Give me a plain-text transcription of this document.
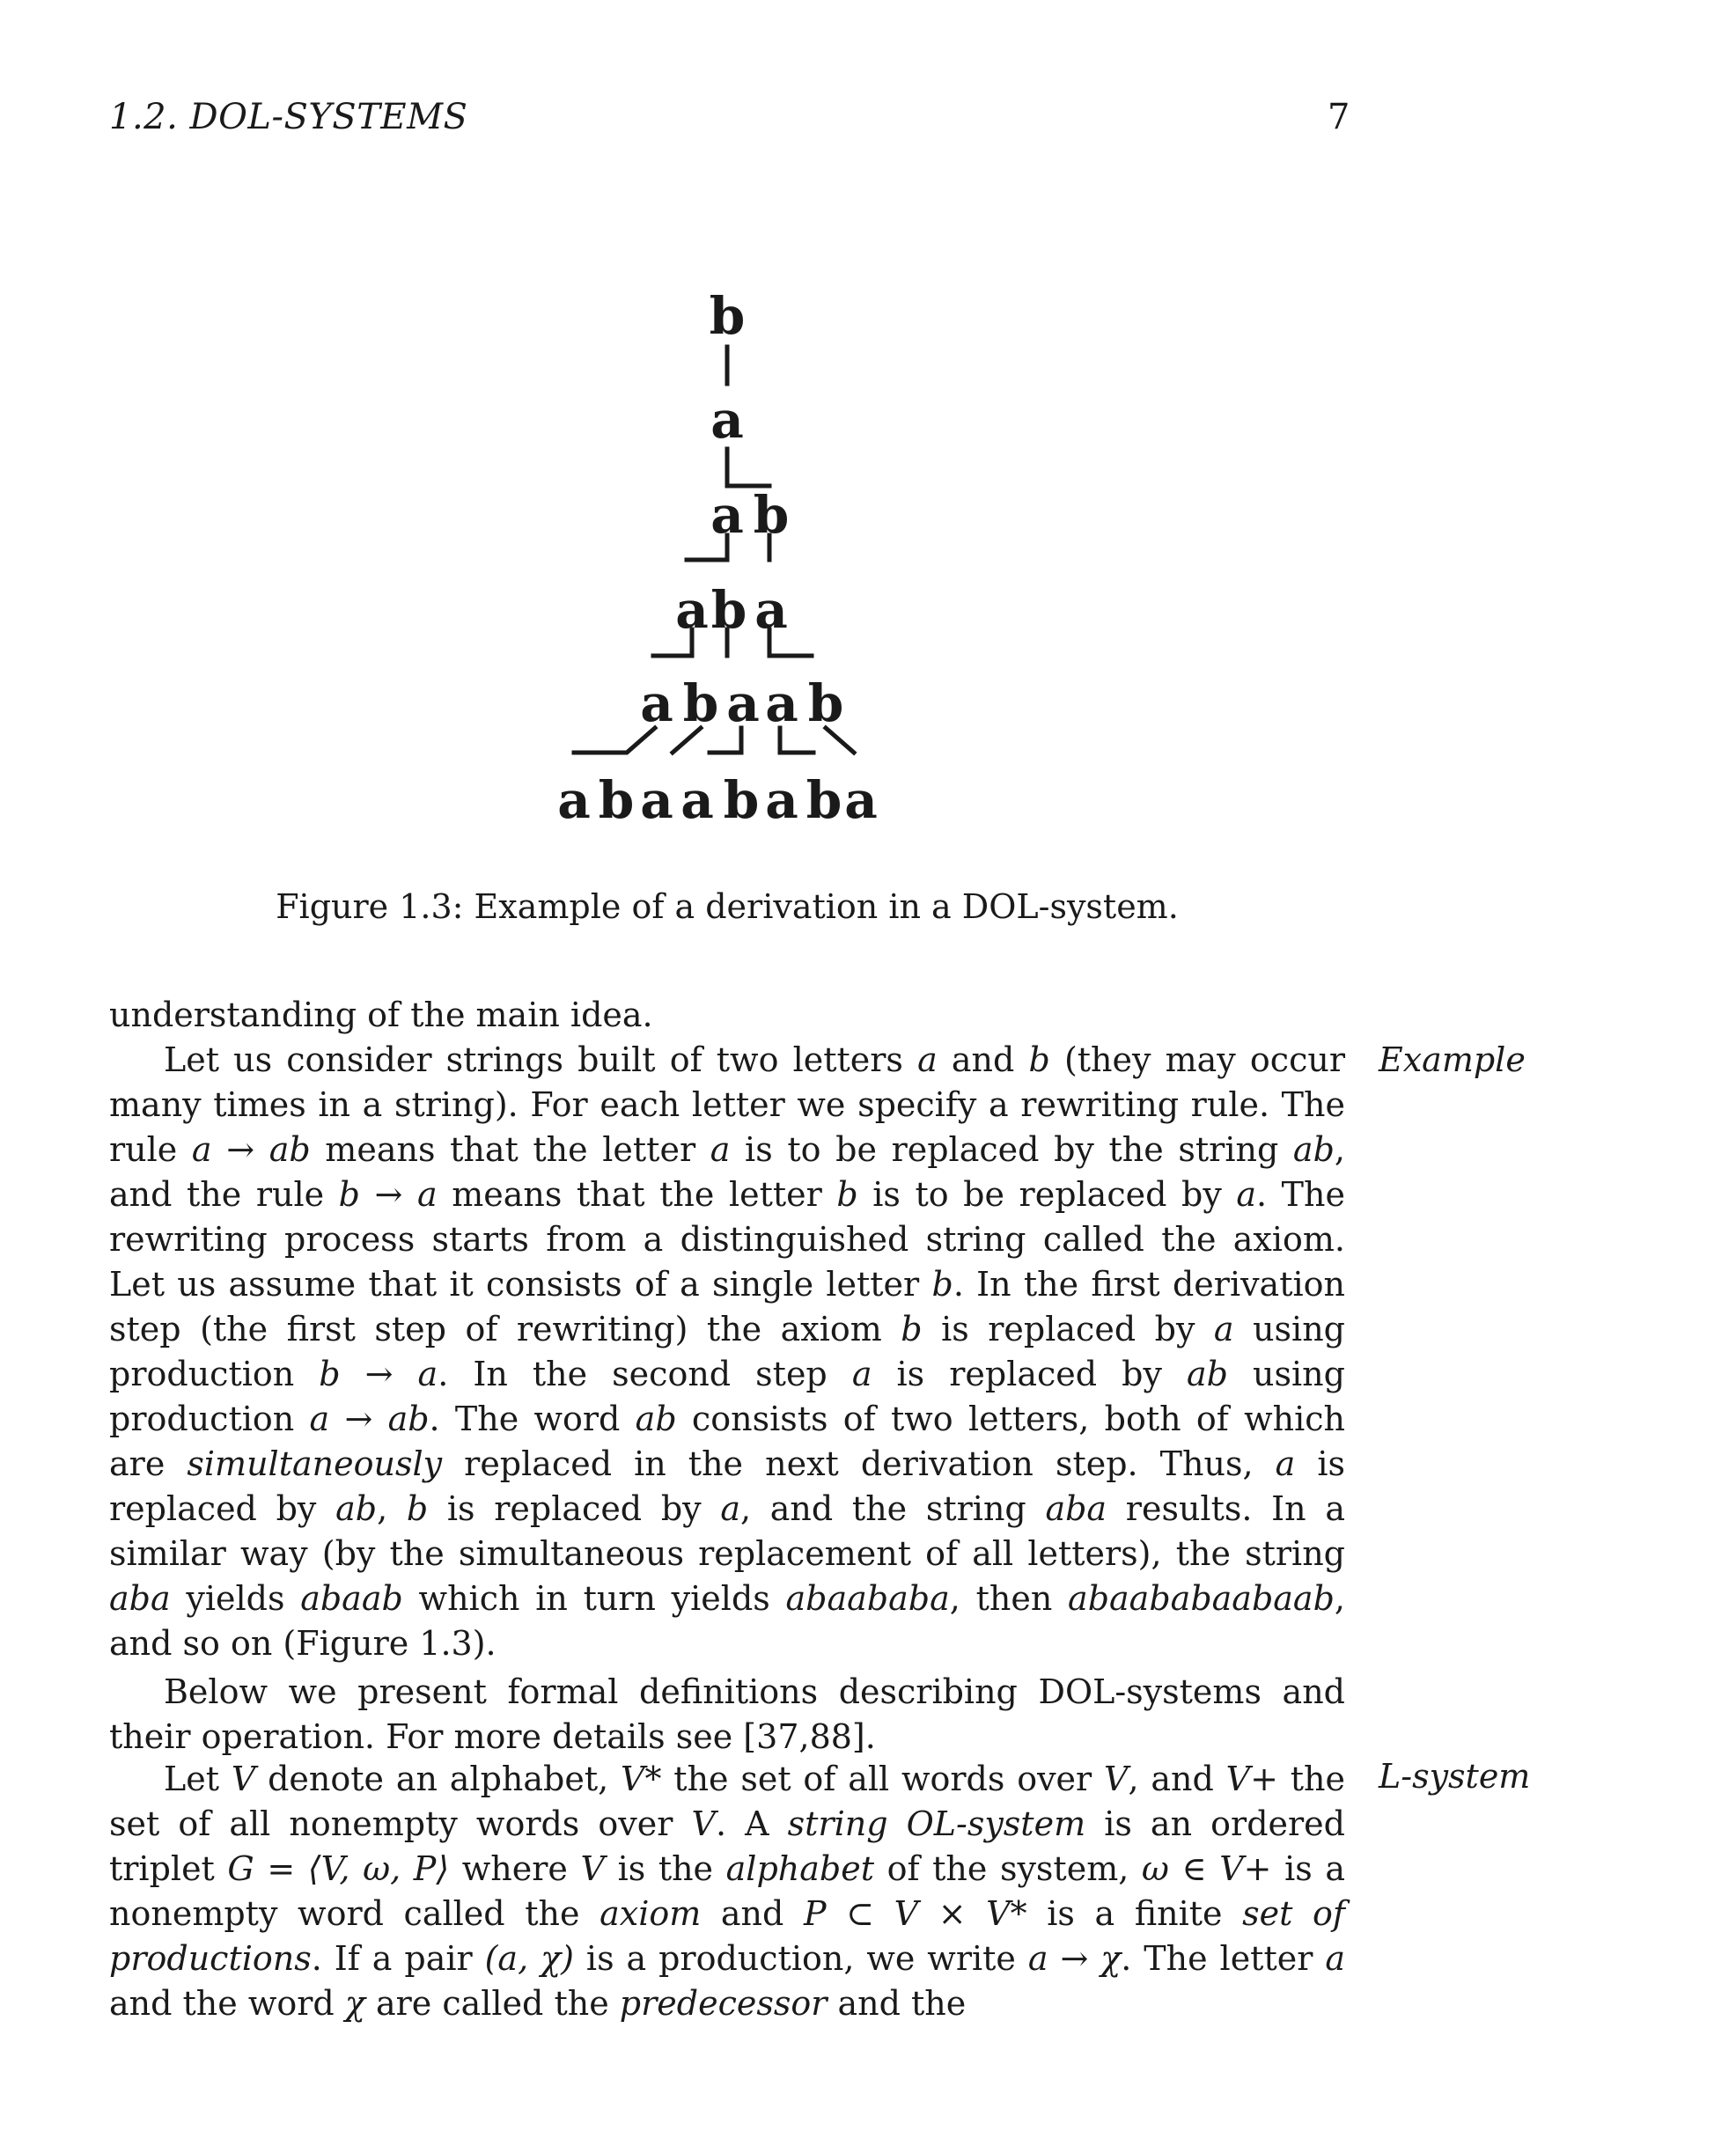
1.2. DOL-SYSTEMS	7
b
a
a b
a b a
a b a a b
a b a a b a b a
Figure 1.3: Example of a derivation in a DOL-system.

understanding of the main idea.

Let us consider strings built of two letters a and b (they may occur many times in a string). For each letter we specify a rewriting rule. The rule a → ab means that the letter a is to be replaced by the string ab, and the rule b → a means that the letter b is to be replaced by a. The rewriting process starts from a distinguished string called the axiom. Let us assume that it consists of a single letter b. In the first derivation step (the first step of rewriting) the axiom b is replaced by a using production b → a. In the second step a is replaced by ab using production a → ab. The word ab consists of two letters, both of which are simultaneously replaced in the next derivation step. Thus, a is replaced by ab, b is replaced by a, and the string aba results. In a similar way (by the simultaneous replacement of all letters), the string aba yields abaab which in turn yields abaababa, then abaababaabaab, and so on (Figure 1.3).

Below we present formal definitions describing DOL-systems and their operation. For more details see [37,88].

Example

Let V denote an alphabet, V* the set of all words over V, and V+ the set of all nonempty words over V. A string OL-system is an ordered triplet G = ⟨V, ω, P⟩ where V is the alphabet of the system, ω ∈ V+ is a nonempty word called the axiom and P ⊂ V × V* is a finite set of productions. If a pair (a, χ) is a production, we write a → χ. The letter a and the word χ are called the predecessor and the

L-system
